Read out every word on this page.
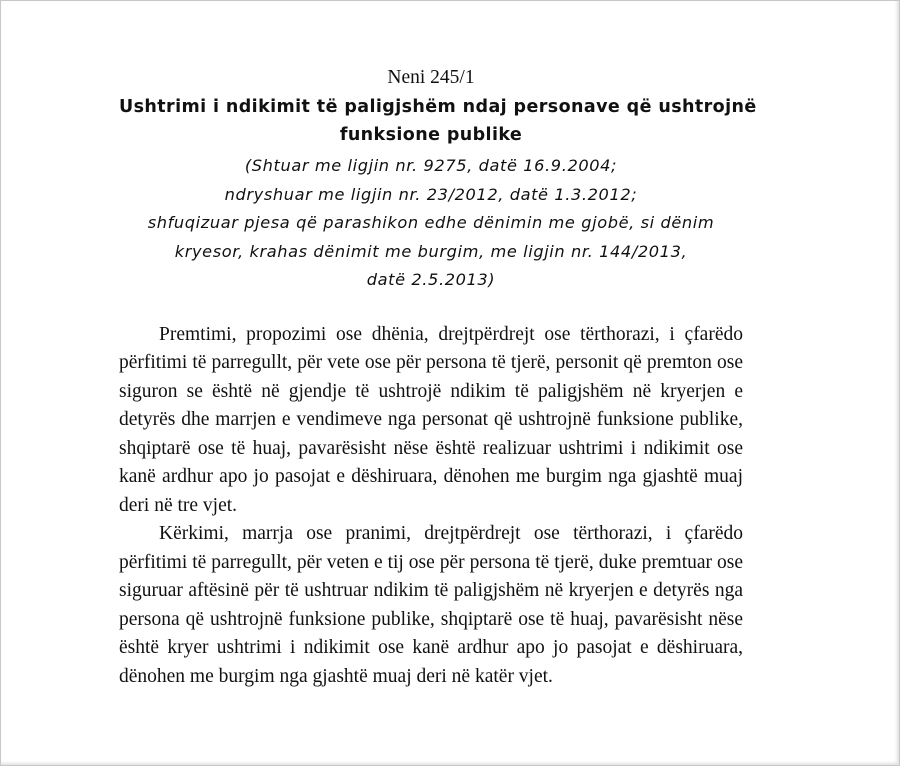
Neni 245/1

Ushtrimi i ndikimit të paligjshëm ndaj personave që ushtrojnë
funksione publike

(Shtuar me ligjin nr. 9275, datë 16.9.2004;
ndryshuar me ligjin nr. 23/2012, datë 1.3.2012;
shfuqizuar pjesa që parashikon edhe dënimin me gjobë, si dënim
kryesor, krahas dënimit me burgim, me ligjin nr. 144/2013,
datë 2.5.2013)

Premtimi, propozimi ose dhënia, drejtpërdrejt ose tërthorazi, i çfarëdo përfitimi të parregullt, për vete ose për persona të tjerë, personit që premton ose siguron se është në gjendje të ushtrojë ndikim të paligjshëm në kryerjen e detyrës dhe marrjen e vendimeve nga personat që ushtrojnë funksione publike, shqiptarë ose të huaj, pavarësisht nëse është realizuar ushtrimi i ndikimit ose kanë ardhur apo jo pasojat e dëshiruara, dënohen me burgim nga gjashtë muaj deri në tre vjet.

Kërkimi, marrja ose pranimi, drejtpërdrejt ose tërthorazi, i çfarëdo përfitimi të parregullt, për veten e tij ose për persona të tjerë, duke premtuar ose siguruar aftësinë për të ushtruar ndikim të paligjshëm në kryerjen e detyrës nga persona që ushtrojnë funksione publike, shqiptarë ose të huaj, pavarësisht nëse është kryer ushtrimi i ndikimit ose kanë ardhur apo jo pasojat e dëshiruara, dënohen me burgim nga gjashtë muaj deri në katër vjet.
